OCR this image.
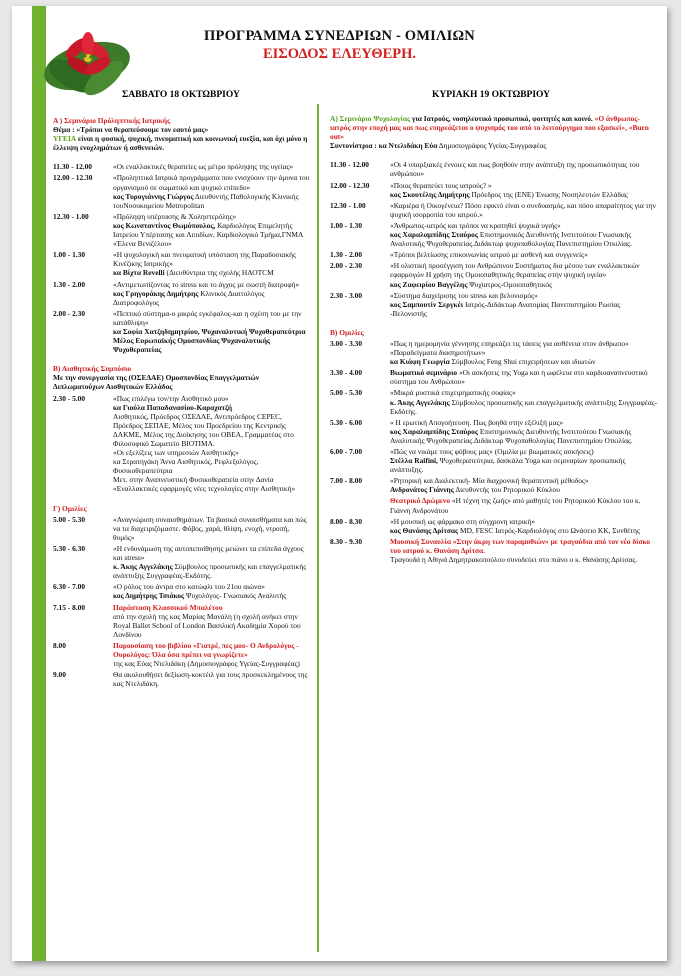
ΠΡΟΓΡΑΜΜΑ ΣΥΝΕΔΡΙΩΝ - ΟΜΙΛΙΩΝ
ΕΙΣΟΔΟΣ ΕΛΕΥΘΕΡΗ.
ΣΑΒΒΑΤΟ 18 ΟΚΤΩΒΡΙΟΥ	ΚΥΡΙΑΚΗ 19 ΟΚΤΩΒΡΙΟΥ
Α ) Σεμινάριο Πρόληπτικής Ιατρικής
Θέμα : «Τρόποι να θεραπεύσουμε τον εαυτό μας»
ΥΓΕΙΑ είναι η φυσική, ψυχική, πνευματική και κοινωνική ευεξία, και όχι μόνο η έλλειψη ενοχλημάτων ή ασθενειών.
11.30 - 12.00	«Οι εναλλακτικές θεραπείες ως μέτρο πρόληψης της υγείας»
12.00 - 12.30	«Προληπτικά Ιατρικά προγράμματα που ενισχύουν την άμυνα του οργανισμού σε σωματικό και ψυχικό επίπεδο»
κος Τυρογιάννης Γιώργος Διευθυντής Παθολογικής Κλινικής τουΝοσοκομείου Metropolitan
12.30 - 1.00	«Πρόληψη υπέρτασης & Χοληστερόλης»
κος Κωνσταντίνος Θωμόπουλος, Καρδιολόγος Επιμελητής Ιατρείου Υπέρτασης και Λιπιδίων, Καρδιολογικό Τμήμα,ΓΝΜΑ «Έλενα Βενιζέλου»
1.00 - 1.30	«Η ψυχολογική και πνευματική υπόσταση της Παραδοσιακής Κινέζικης Ιατρικής»
κα Βίχτα Revelli (Διευθύντρια της σχολής ΗΑΟTCM
1.30 - 2.00	«Αντιμετωπίζοντας το stress και το άγχος με σωστή διατροφή»
κος Γρηγοράκης Δημήτρης Κλινικός Διαιτολόγος Διατροφολόγος
2.00 - 2.30	«Πεπτικό σύστημα-ο μικρός εγκέφαλος-και η σχέση του με την κατάθλιψη»
κα Σοφία Χατζηδημητρίου, Ψυχαναλυτική Ψυχοθεραπεύτρια Μέλος Ευρωπαϊκής Ομοσπονδίας Ψυχαναλυτικής Ψυχοθεραπείας
Β) Αισθητικής Συμπόσιο
Με την συνεργασία της (ΟΣΕΔΑΕ) Ομοσπονδίας Επαγγελματιών Διπλωματούχων Αισθητικών Ελλάδος
2.30 - 5.00	«Πως επιλέγω τον/την Αισθητικό μου»
κα Γιούλα Παπαδανασίου-Καραχατζή
Αισθητικός, Πρόεδρος ΟΣΕΔΑΕ, Αντιπρόεδρος CEPEC, Πρόεδρος ΣΕΠΑΕ, Μέλος του Προεδρείου της Κεντρικής ΔΑΚΜΕ, Μέλος της Διοίκησης του ΟΒΕΑ, Γραμματέας στο Φιλοσοφικό Σωματείο ΒΙΟΤΙΜΑ.
«Οι εξελίξεις των υπηρεσιών Αισθητικής»
κα Στρατηγάκη Άννα Αισθητικός, Ρεφλεξολόγος, Φυσικοθεραπεύτρια
Μετ. στην Αναπνευστική Φυσικοθεραπεία στην Δανία
«Εναλλακτικές εφαρμογές νέες τεχνολογίες στην Αισθητική»
Γ) Ομιλίες
5.00 - 5.30	«Αναγνώριση συναισθημάτων. Τα βασικά συναισθήματα και πώς να τα διαχειριζόμαστε. Φόβος, χαρά, θλίψη, ενοχή, ντροπή, θυμός»
5.30 - 6.30	«Η ενδυνάμωση της αυτοπεποίθησης μειώνει τα επίπεδα άγχους και stress»
κ. Άκης Αγγελάκης Σύμβουλος προσωπικής και επαγγελματικής ανάπτυξης Συγγραφέας-Εκδότης.
6.30 - 7.00	«Ο ρόλος του άντρα στο κατώφλι του 21ου αιώνα»
κος Δημήτρης Τσιάκος Ψυχολόγος- Γνωσιακός Αναλυτής
7.15 - 8.00	Παράσταση Κλασσικού Μπαλέτου
από την σχολή της κας Μαρίας Μανάλη (η σχολή ανήκει στην Royal Ballet School of London Βασιλική Ακαδημία Χορού του Λονδίνου
8.00	Παρουσίαση του βιβλίου «Γιατρέ, πες μου- Ο Ανδρολόγος - Ουρολόγος: Όλα όσα πρέπει να γνωρίζετε»
της κας Εύας Ντελιδάκη (Δημοσιογράφος Υγείας-Συγγραφέας)
9.00	Θα ακολουθήσει δεξίωση-κοκτέιλ για τους προσκεκλημένους της κας Ντελιδάκη.
Α) Σεμινάριο Ψυχολογίας για Ιατρούς, νοσηλευτικό προσωπικό, φοιτητές και κοινό. «Ο άνθρωπος-ιατρός στην εποχή μας και πως επηρεάζεται ο ψυχισμός του από το λειτούργημα που εξασκεί», «Burn out»
Συντονίστρια : κα Ντελιδάκη Εύα Δημοσιογράφος Υγείας-Συγγραφέας
11.30 - 12.00	«Οι 4 υπαρξιακές έννοιες και πως βοηθούν στην ανάπτυξη της προσωπικότητας του ανθρώπου»
12.00 - 12.30	«Ποιος θεραπεύει τους ιατρούς? »
κος Σκουτέλης Δημήτρης Πρόεδρος της (ΕΝΕ) Ένωσης Νοσηλευτών Ελλάδας
12.30 - 1.00	«Καριέρα ή Οικογένεια? Πόσο εφικτό είναι ο συνδυασμός, και πόσο απαραίτητος για την ψυχική ισορροπία του ιατρού.»
1.00 - 1.30	«Άνθρωπος-ιατρός και τρόποι να κρατηθεί ψυχικά υγιής»
κος Χαραλαμπίδης Σταύρος Επιστημονικός Διευθυντής Ινστιτούτου Γνωσιακής Αναλυτικής Ψυχοθεραπείας.Διδάκτωρ ψυχοπαθολογίας Πανεπιστημίου Οτκιλίας.
1.30 - 2.00	«Τρόποι βελτίωσης επικοινωνίας ιατρού με ασθενή και συγγενείς»
2.00 - 2.30	«Η ολιστική προσέγγιση του Ανθρώπινου Συστήματος δια μέσου των εναλλακτικών εφαρμογών Η χρήση της Ομοιοπαθητικής θεραπείας στην ψυχική υγεία»
κος Ζαφειρίου Βαγγέλης Ψυχίατρος-Ομοιοπαθητικός
2.30 - 3.00	«Σύστημα διαχείρισης του stress και βελονισμός»
κος Σαμπουτίν Σεργκέι Ιατρός-Διδάκτωρ Ανατομίας Πανεπιστημίου Ρωσίας -Βελονιστής
Β) Ομιλίες
3.00 - 3.30	«Πως η ημερομηνία γέννησης επηρεάζει τις τάσεις για ασθένεια στον άνθρωπο» «Παραδείγματα διασημοτήτων»
κα Κιάφη Γεωργία Σύμβουλος Feng Shui επιχειρήσεων και ιδιωτών
3.30 - 4.00	Βιωματικό σεμινάριο «Οι ασκήσεις της Yoga και η ωφέλεια στο καρδιοαναπνευστικό σύστημα του Ανθρώπου»
5.00 - 5.30	«Μικρά μυστικά επιχειρηματικής σοφίας»
κ. Άκης Αγγελάκης Σύμβουλος προσωπικής και επαγγελματικής ανάπτυξης Συγγραφέας-Εκδότης.
5.30 - 6.00	« Η ερωτική Απογοήτευση. Πως βοηθά στην εξέλιξή μας»
κος Χαραλαμπίδης Σταύρος Επιστημονικός Διευθυντής Ινστιτούτου Γνωσιακής Αναλυτικής Ψυχοθεραπείας.Διδάκτωρ Ψυχοπαθολογίας Πανεπιστημίου Οτκιλίας.
6.00 - 7.00	«Πώς να νικάμε τους φόβους μας» (Ομιλία με βιωματικές ασκήσεις)
Στέλλα Raifini, Ψυχοθεραπεύτρια, δασκάλα Yoga και σεμιναρίων προσωπικής ανάπτυξης.
7.00 - 8.00	«Ρητορική και Διαλεκτική- Μία διαχρονική θεραπευτική μέθοδος»
Ανδρονάτος Γιάννης Διευθυντής του Ρητορικού Κύκλου
Θεατρικό Δρώμενο «Η τέχνη της ζωής» από μαθητές του Ρητορικού Κύκλου του κ. Γιάννη Ανδρονάτου
8.00 - 8.30	«Η μουσική ως φάρμακο στη σύγχρονη ιατρική»
κος Θανάσης Δρίτσας MD, FESC Ιατρός-Καρδιολόγος στο Ωνάσειο ΚΚ, Συνθέτης
8.30 - 9.30	Μουσική Συναυλία «Στην άκρη των παραμυθιών» με τραγούδια από τον νέο δίσκο του ιατρού κ. Θανάση Δρίτσα.
Τραγουδά η Αθηνά Δημητρακοπούλου συνοδεύει στο πιάνο ο κ. Θανάσης Δρίτσας.
